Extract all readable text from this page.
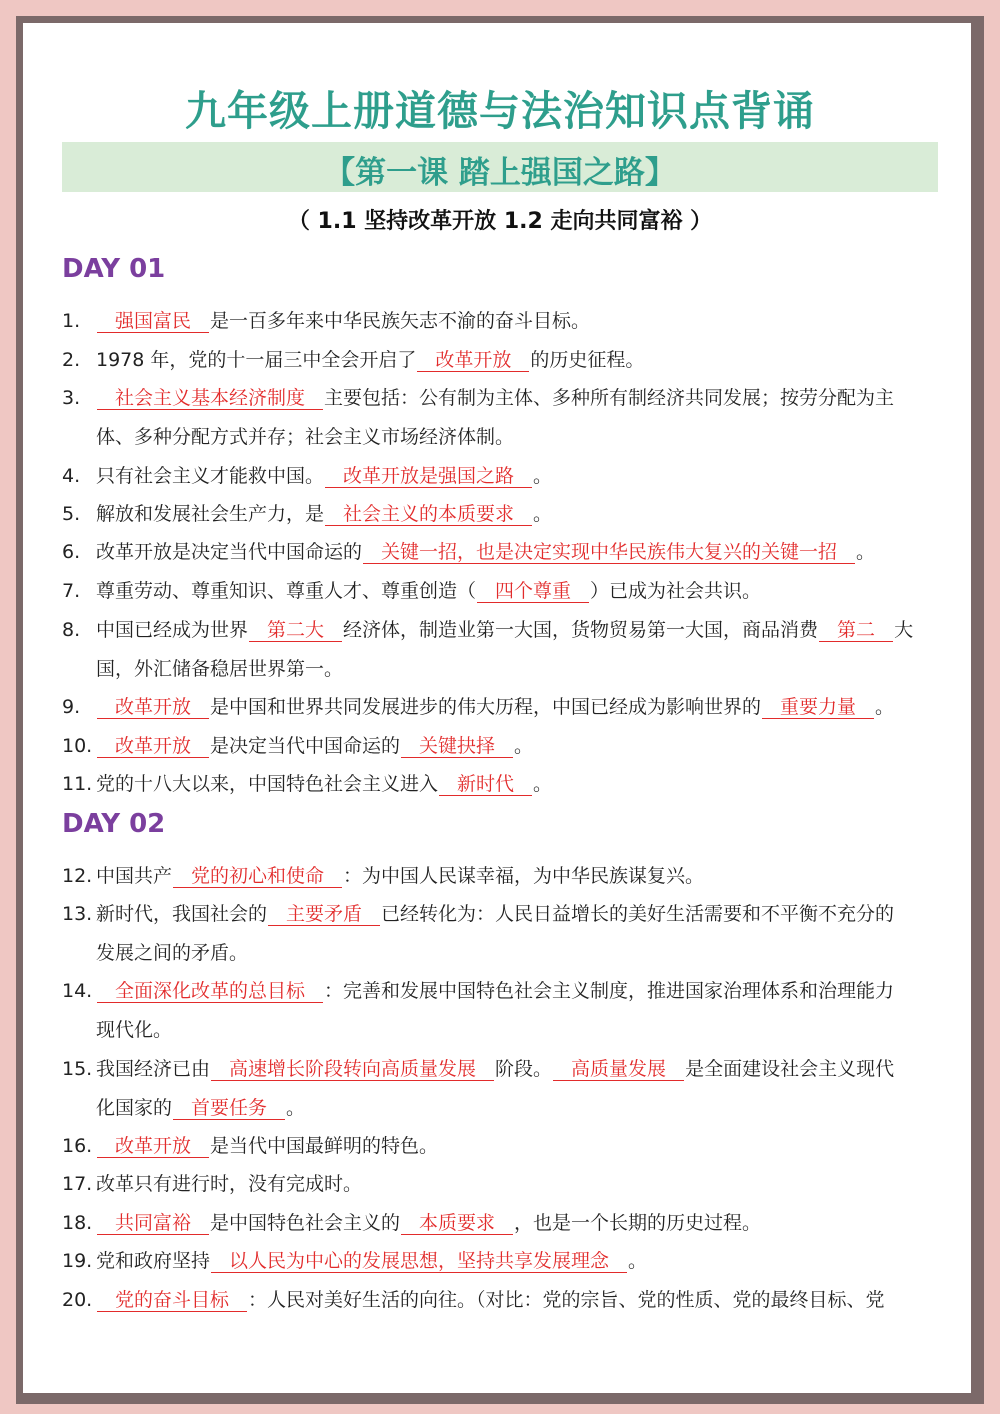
九年级上册道德与法治知识点背诵
【第一课 踏上强国之路】
（ 1.1 坚持改革开放 1.2 走向共同富裕 ）
DAY 01
DAY 02
1.	强国富民 是一百多年来中华民族矢志不渝的奋斗目标。
2. 1978 年，党的十一届三中全会开启了 改革开放 的历史征程。
3.	社会主义基本经济制度 主要包括：公有制为主体、多种所有制经济共同发展；按劳分配为主
体、多种分配方式并存；社会主义市场经济体制。
4. 只有社会主义才能救中国。 改革开放是强国之路 。
5. 解放和发展社会生产力，是 社会主义的本质要求 。
6. 改革开放是决定当代中国命运的 关键一招，也是决定实现中华民族伟大复兴的关键一招 。
7. 尊重劳动、尊重知识、尊重人才、尊重创造（ 四个尊重 ）已成为社会共识。
8. 中国已经成为世界 第二大 经济体，制造业第一大国，货物贸易第一大国，商品消费 第二 大
国，外汇储备稳居世界第一。
9.	改革开放 是中国和世界共同发展进步的伟大历程，中国已经成为影响世界的 重要力量 。
10.	改革开放 是决定当代中国命运的 关键抉择 。
11. 党的十八大以来，中国特色社会主义进入 新时代 。
12. 中国共产 党的初心和使命 ：为中国人民谋幸福，为中华民族谋复兴。
13. 新时代，我国社会的 主要矛盾 已经转化为：人民日益增长的美好生活需要和不平衡不充分的
发展之间的矛盾。
14.	全面深化改革的总目标 ：完善和发展中国特色社会主义制度，推进国家治理体系和治理能力
现代化。
15. 我国经济已由 高速增长阶段转向高质量发展 阶段。 高质量发展 是全面建设社会主义现代
化国家的 首要任务 。
16.	改革开放 是当代中国最鲜明的特色。
17. 改革只有进行时，没有完成时。
18.	共同富裕 是中国特色社会主义的 本质要求 ，也是一个长期的历史过程。
19. 党和政府坚持 以人民为中心的发展思想，坚持共享发展理念 。
20.	党的奋斗目标 ：人民对美好生活的向往。（对比：党的宗旨、党的性质、党的最终目标、党
